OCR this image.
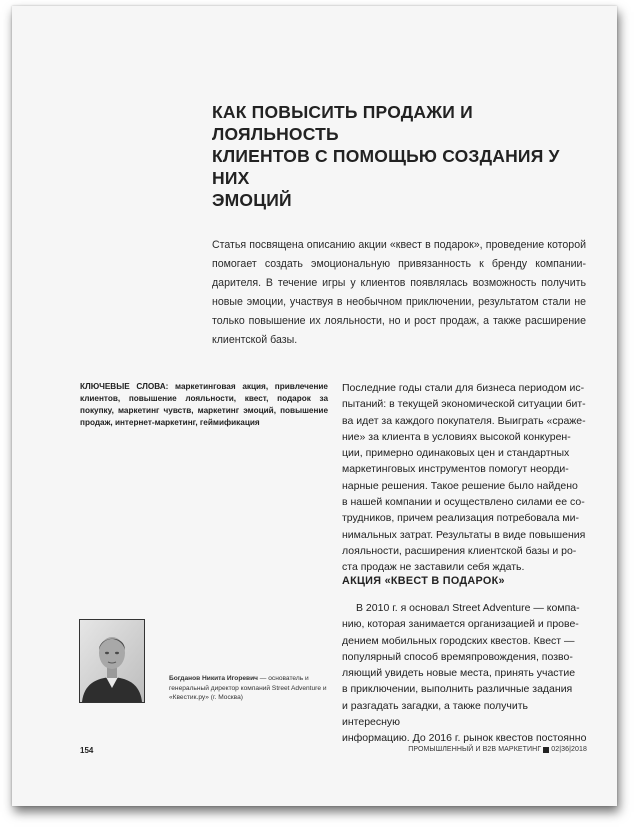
КАК ПОВЫСИТЬ ПРОДАЖИ И ЛОЯЛЬНОСТЬ
КЛИЕНТОВ С ПОМОЩЬЮ СОЗДАНИЯ У НИХ
ЭМОЦИЙ

Статья посвящена описанию акции «квест в подарок», проведение которой помогает создать эмоциональную привязанность к бренду компании-дарителя. В течение игры у клиентов появлялась возможность получить новые эмоции, участвуя в необычном приключении, результатом стали не только повышение их лояльности, но и рост продаж, а также расширение клиентской базы.

КЛЮЧЕВЫЕ СЛОВА: маркетинговая акция, привлечение клиентов, повышение лояльности, квест, подарок за покупку, маркетинг чувств, маркетинг эмоций, повышение продаж, интернет-маркетинг, геймификация

Последние годы стали для бизнеса периодом ис-

пытаний: в текущей экономической ситуации бит-

ва идет за каждого покупателя. Выиграть «сраже-

ние» за клиента в условиях высокой конкурен-

ции, примерно одинаковых цен и стандартных

маркетинговых инструментов помогут неорди-

нарные решения. Такое решение было найдено

в нашей компании и осуществлено силами ее со-

трудников, причем реализация потребовала ми-

нимальных затрат. Результаты в виде повышения

лояльности, расширения клиентской базы и ро-

ста продаж не заставили себя ждать.

АКЦИЯ «КВЕСТ В ПОДАРОК»

В 2010 г. я основал Street Adventure — компа-

нию, которая занимается организацией и прове-

дением мобильных городских квестов. Квест —

популярный способ времяпровождения, позво-

ляющий увидеть новые места, принять участие

в приключении, выполнить различные задания

и разгадать загадки, а также получить интересную

информацию. До 2016 г. рынок квестов постоянно

Богданов Никита Игоревич — основатель и генеральный директор компаний Street Adventure и «Квестик.ру» (г. Москва)

154	ПРОМЫШЛЕННЫЙ И B2B МАРКЕТИНГ 02|36|2018
